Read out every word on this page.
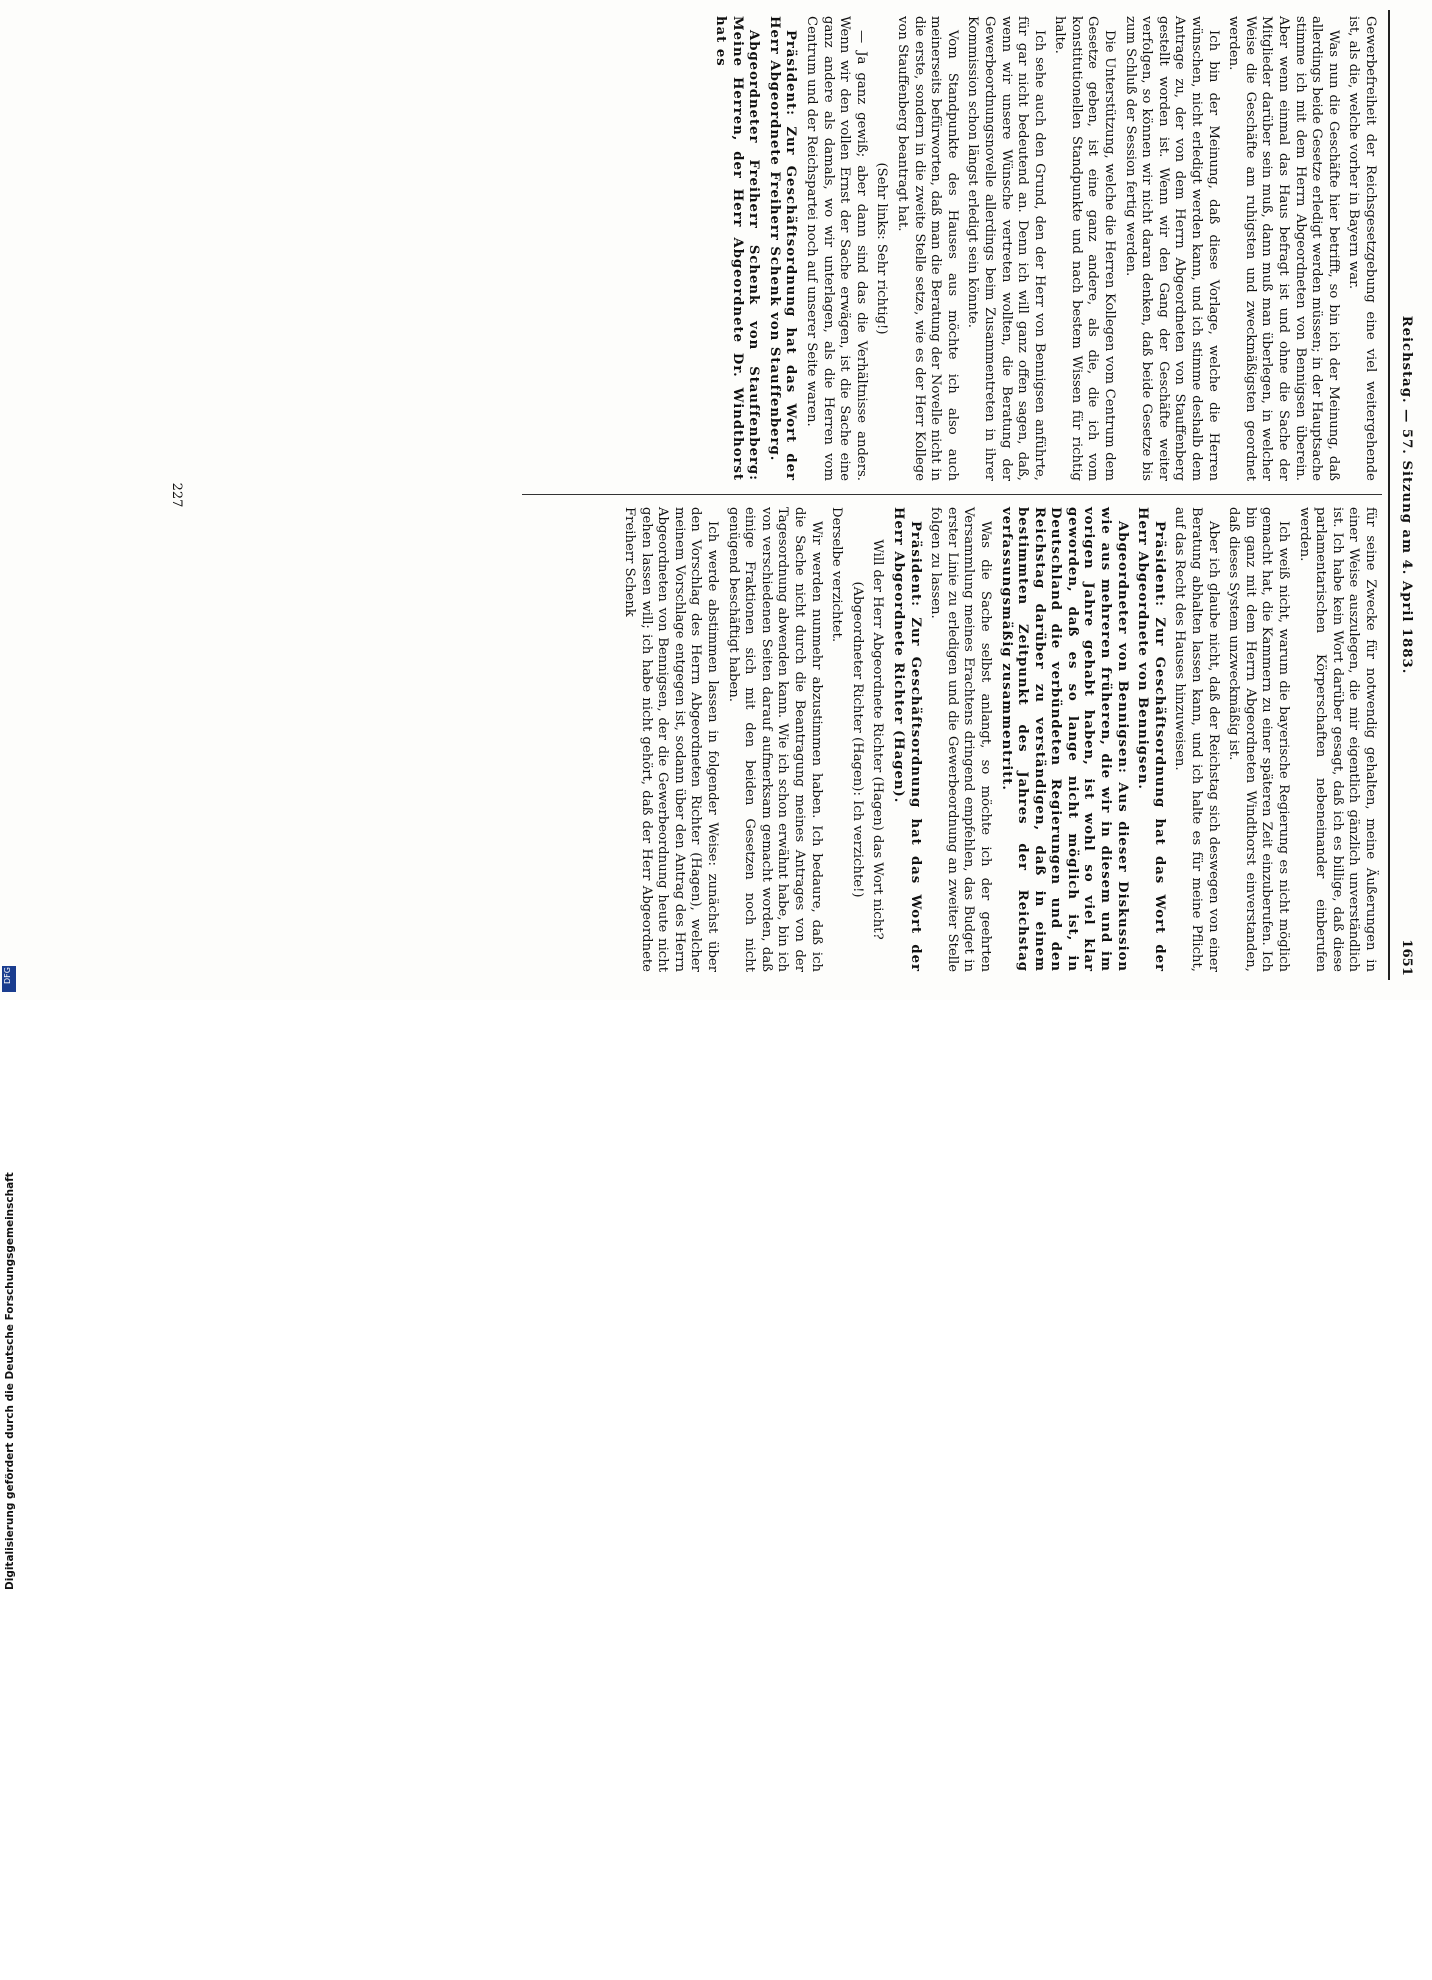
Reichstag. — 57. Sitzung am 4. April 1883.
1651

Gewerbefreiheit der Reichsgesetzgebung eine viel weitergehende ist, als die, welche vorher in Bayern war.

Was nun die Geschäfte hier betrifft, so bin ich der Meinung, daß allerdings beide Gesetze erledigt werden müssen; in der Hauptsache stimme ich mit dem Herrn Abgeordneten von Bennigsen überein. Aber wenn einmal das Haus befragt ist und ohne die Sache der Mitglieder darüber sein muß, dann muß man überlegen, in welcher Weise die Geschäfte am ruhigsten und zweckmäßigsten geordnet werden.

Ich bin der Meinung, daß diese Vorlage, welche die Herren wünschen, nicht erledigt werden kann, und ich stimme deshalb dem Antrage zu, der von dem Herrn Abgeordneten von Stauffenberg gestellt worden ist. Wenn wir den Gang der Geschäfte weiter verfolgen, so können wir nicht daran denken, daß beide Gesetze bis zum Schluß der Session fertig werden.

Die Unterstützung, welche die Herren Kollegen vom Centrum dem Gesetze geben, ist eine ganz andere, als die, die ich vom konstitutionellen Standpunkte und nach bestem Wissen für richtig halte.

Ich sehe auch den Grund, den der Herr von Bennigsen anführte, für gar nicht bedeutend an. Denn ich will ganz offen sagen, daß, wenn wir unsere Wünsche vertreten wollten, die Beratung der Gewerbeordnungsnovelle allerdings beim Zusammentreten in ihrer Kommission schon längst erledigt sein könnte.

Vom Standpunkte des Hauses aus möchte ich also auch meinerseits befürworten, daß man die Beratung der Novelle nicht in die erste, sondern in die zweite Stelle setze, wie es der Herr Kollege von Stauffenberg beantragt hat.

(Sehr links: Sehr richtig!)

— Ja ganz gewiß; aber dann sind das die Verhältnisse anders. Wenn wir den vollen Ernst der Sache erwägen, ist die Sache eine ganz andere als damals, wo wir unterlagen, als die Herren vom Centrum und der Reichspartei noch auf unserer Seite waren.

Präsident: Zur Geschäftsordnung hat das Wort der Herr Abgeordnete Freiherr Schenk von Stauffenberg.

Abgeordneter Freiherr Schenk von Stauffenberg: Meine Herren, der Herr Abgeordnete Dr. Windthorst hat es

für seine Zwecke für notwendig gehalten, meine Äußerungen in einer Weise auszulegen, die mir eigentlich gänzlich unverständlich ist. Ich habe kein Wort darüber gesagt, daß ich es billige, daß diese parlamentarischen Körperschaften nebeneinander einberufen werden.

Ich weiß nicht, warum die bayerische Regierung es nicht möglich gemacht hat, die Kammern zu einer späteren Zeit einzuberufen. Ich bin ganz mit dem Herrn Abgeordneten Windthorst einverstanden, daß dieses System unzweckmäßig ist.

Aber ich glaube nicht, daß der Reichstag sich deswegen von einer Beratung abhalten lassen kann, und ich halte es für meine Pflicht, auf das Recht des Hauses hinzuweisen.

Präsident: Zur Geschäftsordnung hat das Wort der Herr Abgeordnete von Bennigsen.

Abgeordneter von Bennigsen: Aus dieser Diskussion wie aus mehreren früheren, die wir in diesem und im vorigen Jahre gehabt haben, ist wohl so viel klar geworden, daß es so lange nicht möglich ist, in Deutschland die verbündeten Regierungen und den Reichstag darüber zu verständigen, daß in einem bestimmten Zeitpunkt des Jahres der Reichstag verfassungsmäßig zusammentritt.

Was die Sache selbst anlangt, so möchte ich der geehrten Versammlung meines Erachtens dringend empfehlen, das Budget in erster Linie zu erledigen und die Gewerbeordnung an zweiter Stelle folgen zu lassen.

Präsident: Zur Geschäftsordnung hat das Wort der Herr Abgeordnete Richter (Hagen).

Will der Herr Abgeordnete Richter (Hagen) das Wort nicht?

(Abgeordneter Richter (Hagen): Ich verzichte!)

Derselbe verzichtet.

Wir werden nunmehr abzustimmen haben. Ich bedaure, daß ich die Sache nicht durch die Beantragung meines Antrages von der Tagesordnung abwenden kann. Wie ich schon erwähnt habe, bin ich von verschiedenen Seiten darauf aufmerksam gemacht worden, daß einige Fraktionen sich mit den beiden Gesetzen noch nicht genügend beschäftigt haben.

Ich werde abstimmen lassen in folgender Weise: zunächst über den Vorschlag des Herrn Abgeordneten Richter (Hagen), welcher meinem Vorschlage entgegen ist, sodann über den Antrag des Herrn Abgeordneten von Bennigsen, der die Gewerbeordnung heute nicht gehen lassen will; ich habe nicht gehört, daß der Herr Abgeordnete Freiherr Schenk

227
Digitalisierung gefördert durch die Deutsche Forschungsgemeinschaft
DFG
